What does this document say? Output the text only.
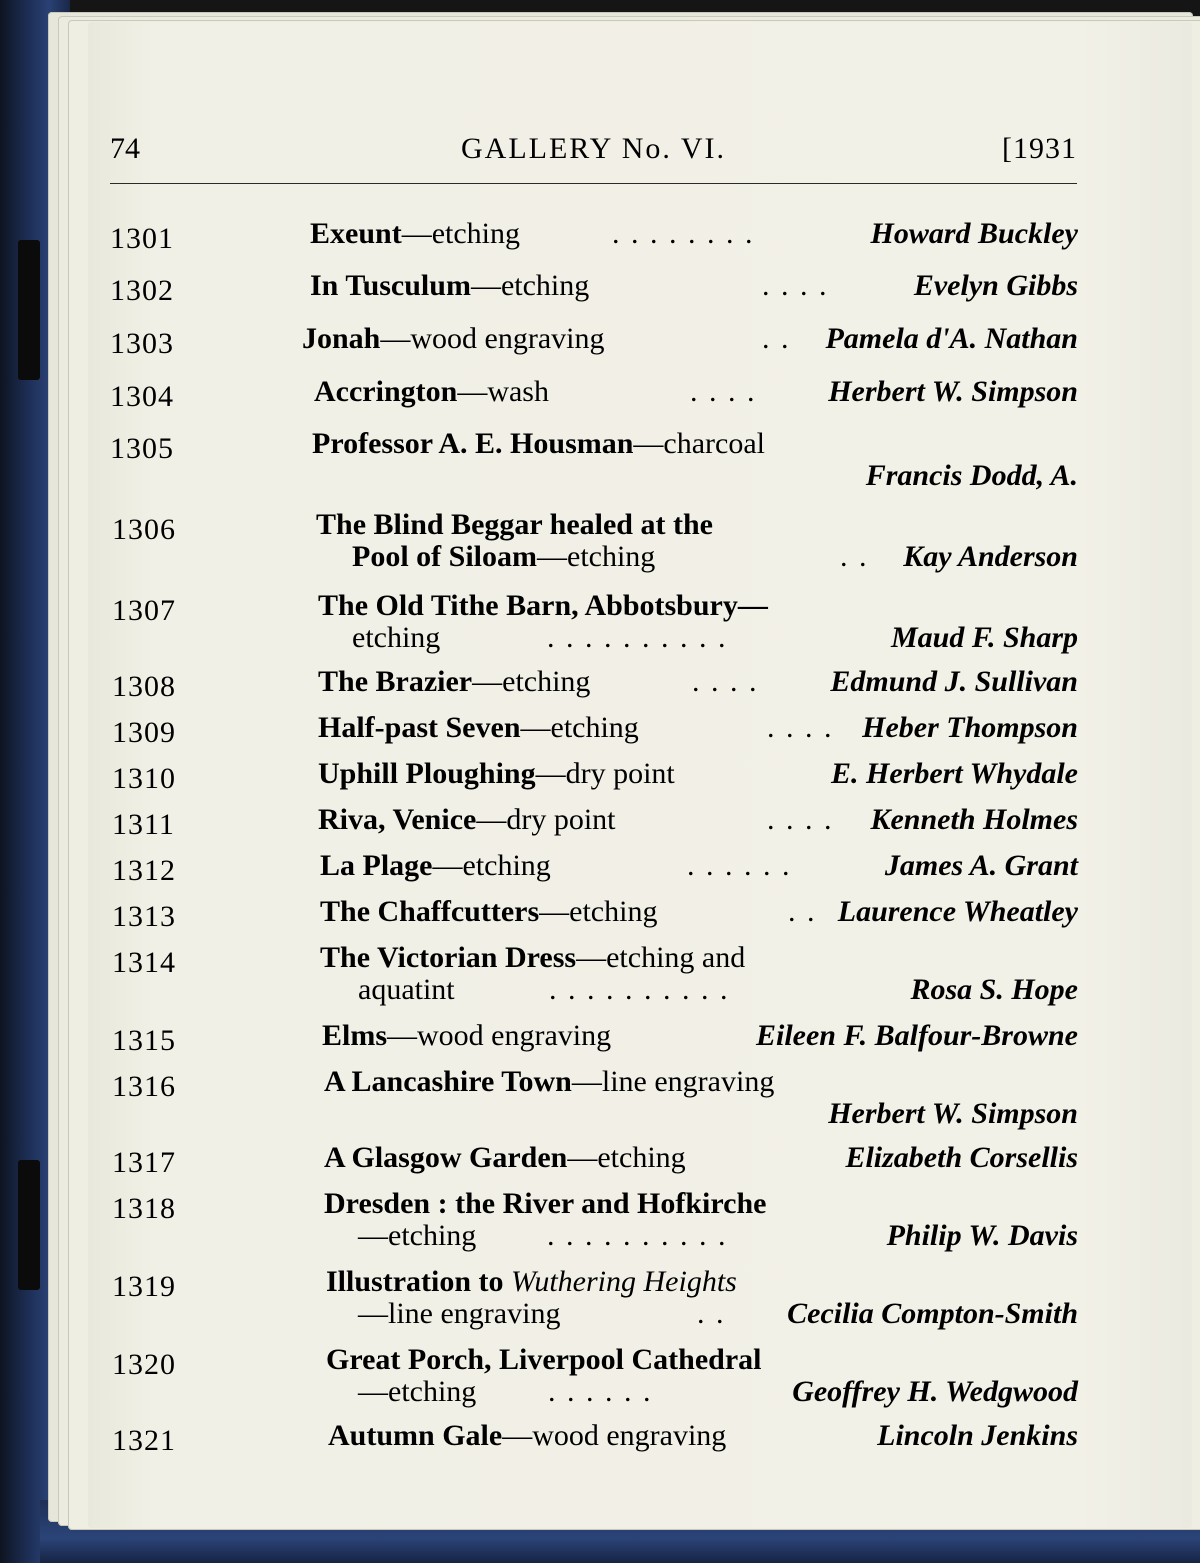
74	GALLERY No. VI.	[1931
1301	Exeunt—etching	. . . . . . . .	Howard Buckley
1302	In Tusculum—etching	. . . .	Evelyn Gibbs
1303	Jonah—wood engraving	. . Pamela d'A. Nathan
1304	Accrington—wash	. . . . Herbert W. Simpson
1305	Professor A. E. Housman—charcoal
Francis Dodd, A.
1306	The Blind Beggar healed at the
Pool of Siloam—etching	. . Kay Anderson
1307	The Old Tithe Barn, Abbotsbury—
etching	. . . . . . . . . .	Maud F. Sharp
1308	The Brazier—etching	. . . . Edmund J. Sullivan
1309	Half-past Seven—etching	. . . . Heber Thompson
1310	Uphill Ploughing—dry point	E. Herbert Whydale
1311	Riva, Venice—dry point	. . . . Kenneth Holmes
1312	La Plage—etching	. . . . . .	James A. Grant
1313	The Chaffcutters—etching	. . Laurence Wheatley
1314	The Victorian Dress—etching and
aquatint	. . . . . . . . . .	Rosa S. Hope
1315	Elms—wood engraving	Eileen F. Balfour-Browne
1316	A Lancashire Town—line engraving
Herbert W. Simpson
1317	A Glasgow Garden—etching	Elizabeth Corsellis
1318	Dresden : the River and Hofkirche
—etching . . . . . . . . . .	Philip W. Davis
1319	Illustration to Wuthering Heights
—line engraving	. . Cecilia Compton-Smith
1320	Great Porch, Liverpool Cathedral
—etching . . . . . .	Geoffrey H. Wedgwood
1321	Autumn Gale—wood engraving	Lincoln Jenkins
